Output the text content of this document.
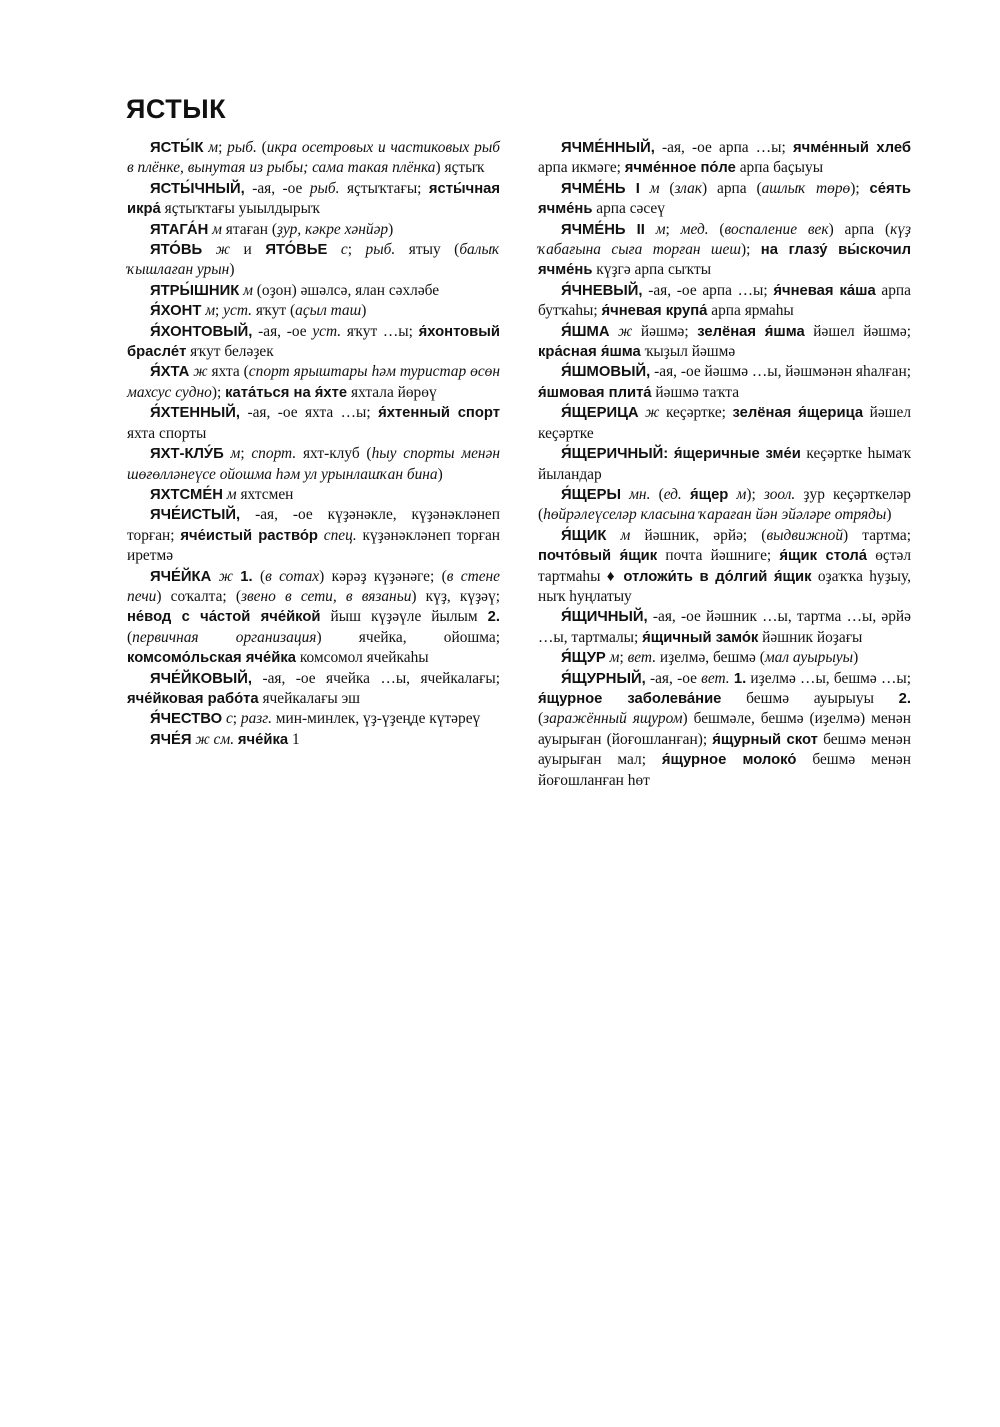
ЯСТЫК

ЯСТЫ́К м; рыб. (икра осетровых и частиковых рыб в плёнке, вынутая из рыбы; сама такая плёнка) яҫтыҡ

ЯСТЫ́ЧНЫЙ, -ая, -ое рыб. яҫтыҡтағы; ясты́чная икра́ яҫтыҡтағы уыылдырыҡ

ЯТАГА́Н м ятаған (ҙур, кәкре хәнйәр)

ЯТО́ВЬ ж и ЯТО́ВЬЕ с; рыб. ятыу (балыҡ ҡышлаған урын)

ЯТРЫ́ШНИК м (оҙон) әшәлсә, ялан сәхләбе

Я́ХОНТ м; уст. яҡут (аҫыл таш)

Я́ХОНТОВЫЙ, -ая, -ое уст. яҡут …ы; я́хонтовый брасле́т яҡут беләҙек

Я́ХТА ж яхта (спорт ярыштары һәм туристар өсөн махсус судно); ката́ться на я́хте яхтала йөрөү

Я́ХТЕННЫЙ, -ая, -ое яхта …ы; я́хтенный спорт яхта спорты

ЯХТ-КЛУ́Б м; спорт. яхт-клуб (һыу спорты менән шөғөлләнеүсе ойошма һәм ул урынлашҡан бина)

ЯХТСМЕ́Н м яхтсмен

ЯЧЕ́ИСТЫЙ, -ая, -ое күҙәнәкле, күҙәнәкләнеп торған; яче́истый раство́р спец. күҙәнәкләнеп торған иретмә

ЯЧЕ́ЙКА ж 1. (в сотах) кәрәҙ күҙәнәге; (в стене печи) соҡалта; (звено в сети, в вязаньи) күҙ, күҙәү; не́вод с ча́стой яче́йкой йыш күҙәүле йылым 2. (первичная организация) ячейка, ойошма; комсомо́льская яче́йка комсомол ячейкаһы

ЯЧЕ́ЙКОВЫЙ, -ая, -ое ячейка …ы, ячейкалағы; яче́йковая рабо́та ячейкалағы эш

Я́ЧЕСТВО с; разг. мин-минлек, үҙ-үҙеңде күтәреү

ЯЧЕ́Я ж см. яче́йка 1

ЯЧМЕ́ННЫЙ, -ая, -ое арпа …ы; ячме́нный хлеб арпа икмәге; ячме́нное по́ле арпа баҫыуы

ЯЧМЕ́НЬ I м (злак) арпа (ашлыҡ төрө); се́ять ячме́нь арпа сәсеү

ЯЧМЕ́НЬ II м; мед. (воспаление век) арпа (күҙ ҡабағына сыға торған шеш); на глазу́ вы́скочил ячме́нь күҙгә арпа сыҡты

Я́ЧНЕВЫЙ, -ая, -ое арпа …ы; я́чневая ка́ша арпа бутҡаһы; я́чневая крупа́ арпа ярмаһы

Я́ШМА ж йәшмә; зелёная я́шма йәшел йәшмә; кра́сная я́шма ҡыҙыл йәшмә

Я́ШМОВЫЙ, -ая, -ое йәшмә …ы, йәшмәнән яһалған; я́шмовая плита́ йәшмә таҡта

Я́ЩЕРИЦА ж кеҫәртке; зелёная я́щерица йәшел кеҫәртке

Я́ЩЕРИЧНЫЙ: я́щеричные зме́и кеҫәртке һымаҡ йыландар

Я́ЩЕРЫ мн. (ед. я́щер м); зоол. ҙур кеҫәрткеләр (һөйрәлеүселәр класына ҡараған йән эйәләре отряды)

Я́ЩИК м йәшник, әрйә; (выдвижной) тартма; почто́вый я́щик почта йәшниге; я́щик стола́ өҫтәл тартмаһы ♦ отложи́ть в до́лгий я́щик оҙаҡҡа һуҙыу, ныҡ һуңлатыу

Я́ЩИЧНЫЙ, -ая, -ое йәшник …ы, тартма …ы, әрйә …ы, тартмалы; я́щичный замо́к йәшник йоҙағы

Я́ЩУР м; вет. иҙелмә, бешмә (мал ауырыуы)

Я́ЩУРНЫЙ, -ая, -ое вет. 1. иҙелмә …ы, бешмә …ы; я́щурное заболева́ние бешмә ауырыуы 2. (заражённый ящуром) бешмәле, бешмә (иҙелмә) менән ауырыған (йоғошланған); я́щурный скот бешмә менән ауырыған мал; я́щурное молоко́ бешмә менән йоғошланған һөт
